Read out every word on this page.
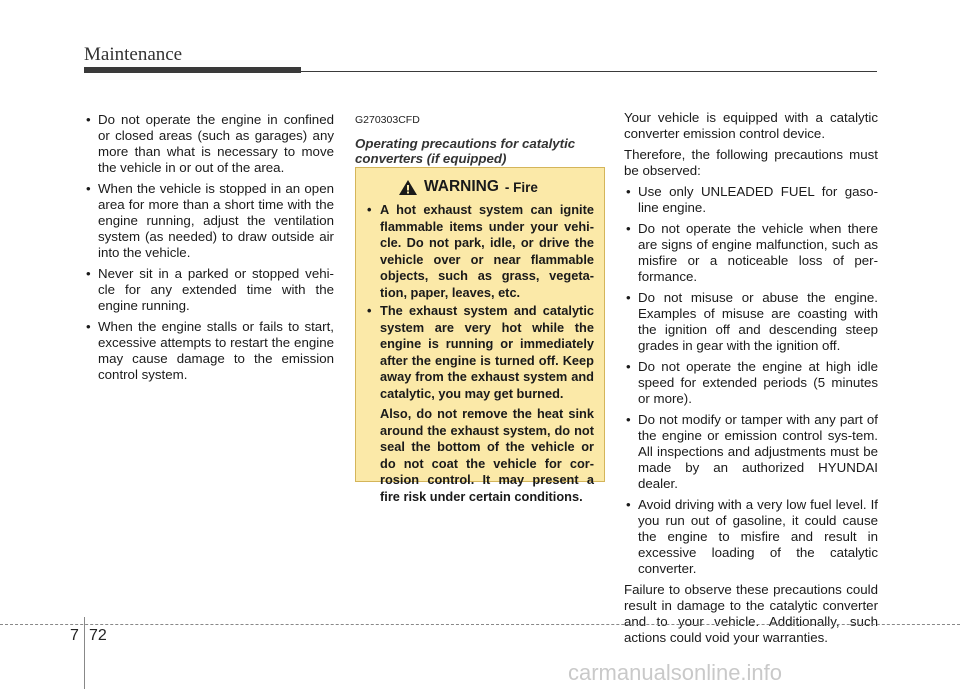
Maintenance
• Do not operate the engine in confined or closed areas (such as garages) any more than what is necessary to move the vehicle in or out of the area.
• When the vehicle is stopped in an open area for more than a short time with the engine running, adjust the ventilation system (as needed) to draw outside air into the vehicle.
• Never sit in a parked or stopped vehi-cle for any extended time with the engine running.
• When the engine stalls or fails to start, excessive attempts to restart the engine may cause damage to the emission control system.
G270303CFD
Operating precautions for catalytic converters (if equipped)
WARNING - Fire
• A hot exhaust system can ignite flammable items under your vehi-cle. Do not park, idle, or drive the vehicle over or near flammable objects, such as grass, vegeta-tion, paper, leaves, etc.
• The exhaust system and catalytic system are very hot while the engine is running or immediately after the engine is turned off. Keep away from the exhaust system and catalytic, you may get burned.
Also, do not remove the heat sink around the exhaust system, do not seal the bottom of the vehicle or do not coat the vehicle for cor-rosion control. It may present a fire risk under certain conditions.

Your vehicle is equipped with a catalytic converter emission control device.

Therefore, the following precautions must be observed:

• Use only UNLEADED FUEL for gaso-line engine.
• Do not operate the vehicle when there are signs of engine malfunction, such as misfire or a noticeable loss of per-formance.
• Do not misuse or abuse the engine. Examples of misuse are coasting with the ignition off and descending steep grades in gear with the ignition off.
• Do not operate the engine at high idle speed for extended periods (5 minutes or more).
• Do not modify or tamper with any part of the engine or emission control sys-tem. All inspections and adjustments must be made by an authorized HYUNDAI dealer.
• Avoid driving with a very low fuel level. If you run out of gasoline, it could cause the engine to misfire and result in excessive loading of the catalytic converter.

Failure to observe these precautions could result in damage to the catalytic converter and to your vehicle. Additionally, such actions could void your warranties.

7 72
carmanualsonline.info
